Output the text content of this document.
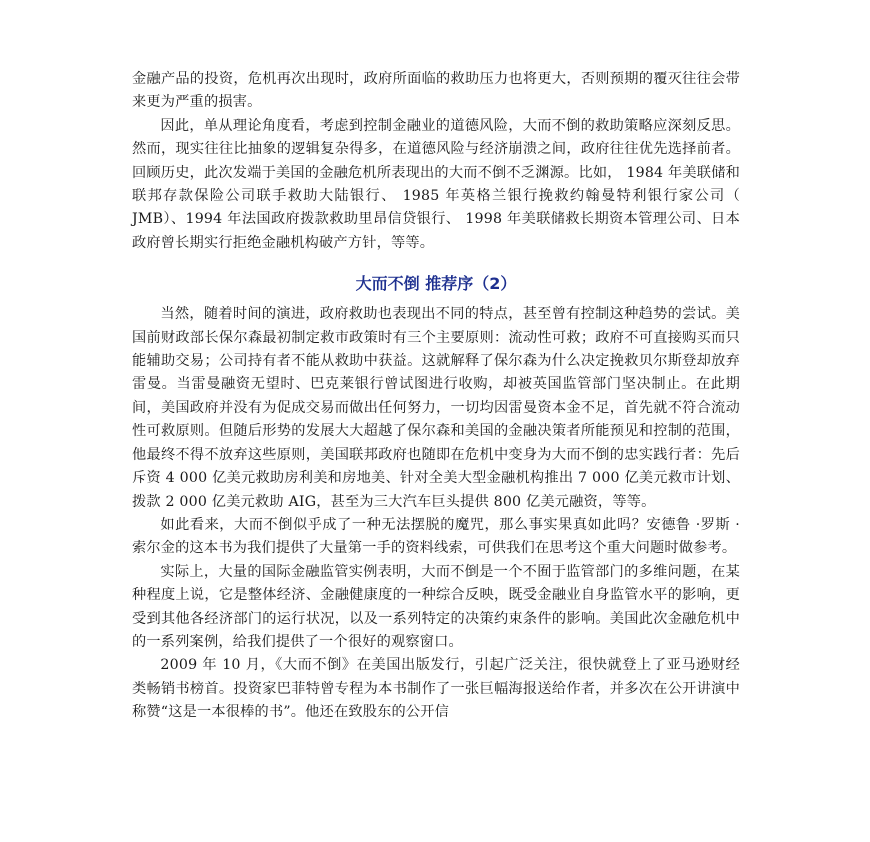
金融产品的投资，危机再次出现时，政府所面临的救助压力也将更大，否则预期的覆灭往往会带来更为严重的损害。

因此，单从理论角度看，考虑到控制金融业的道德风险，大而不倒的救助策略应深刻反思。然而，现实往往比抽象的逻辑复杂得多，在道德风险与经济崩溃之间，政府往往优先选择前者。回顾历史，此次发端于美国的金融危机所表现出的大而不倒不乏渊源。比如， 1984 年美联储和联邦存款保险公司联手救助大陆银行、 1985 年英格兰银行挽救约翰曼特利银行家公司（ JMB）、1994 年法国政府拨款救助里昂信贷银行、 1998 年美联储救长期资本管理公司、日本政府曾长期实行拒绝金融机构破产方针，等等。

大而不倒 推荐序（2）

当然，随着时间的演进，政府救助也表现出不同的特点，甚至曾有控制这种趋势的尝试。美国前财政部长保尔森最初制定救市政策时有三个主要原则：流动性可救；政府不可直接购买而只能辅助交易；公司持有者不能从救助中获益。这就解释了保尔森为什么决定挽救贝尔斯登却放弃雷曼。当雷曼融资无望时、巴克莱银行曾试图进行收购，却被英国监管部门坚决制止。在此期间，美国政府并没有为促成交易而做出任何努力，一切均因雷曼资本金不足，首先就不符合流动性可救原则。但随后形势的发展大大超越了保尔森和美国的金融决策者所能预见和控制的范围，他最终不得不放弃这些原则，美国联邦政府也随即在危机中变身为大而不倒的忠实践行者：先后斥资 4 000 亿美元救助房利美和房地美、针对全美大型金融机构推出 7 000 亿美元救市计划、拨款 2 000 亿美元救助 AIG，甚至为三大汽车巨头提供 800 亿美元融资，等等。

如此看来，大而不倒似乎成了一种无法摆脱的魔咒，那么事实果真如此吗？安德鲁 ·罗斯 ·索尔金的这本书为我们提供了大量第一手的资料线索，可供我们在思考这个重大问题时做参考。

实际上，大量的国际金融监管实例表明，大而不倒是一个不囿于监管部门的多维问题，在某种程度上说，它是整体经济、金融健康度的一种综合反映，既受金融业自身监管水平的影响，更受到其他各经济部门的运行状况，以及一系列特定的决策约束条件的影响。美国此次金融危机中的一系列案例，给我们提供了一个很好的观察窗口。

2009 年 10 月，《大而不倒》在美国出版发行，引起广泛关注，很快就登上了亚马逊财经类畅销书榜首。投资家巴菲特曾专程为本书制作了一张巨幅海报送给作者，并多次在公开讲演中称赞“这是一本很棒的书”。他还在致股东的公开信
